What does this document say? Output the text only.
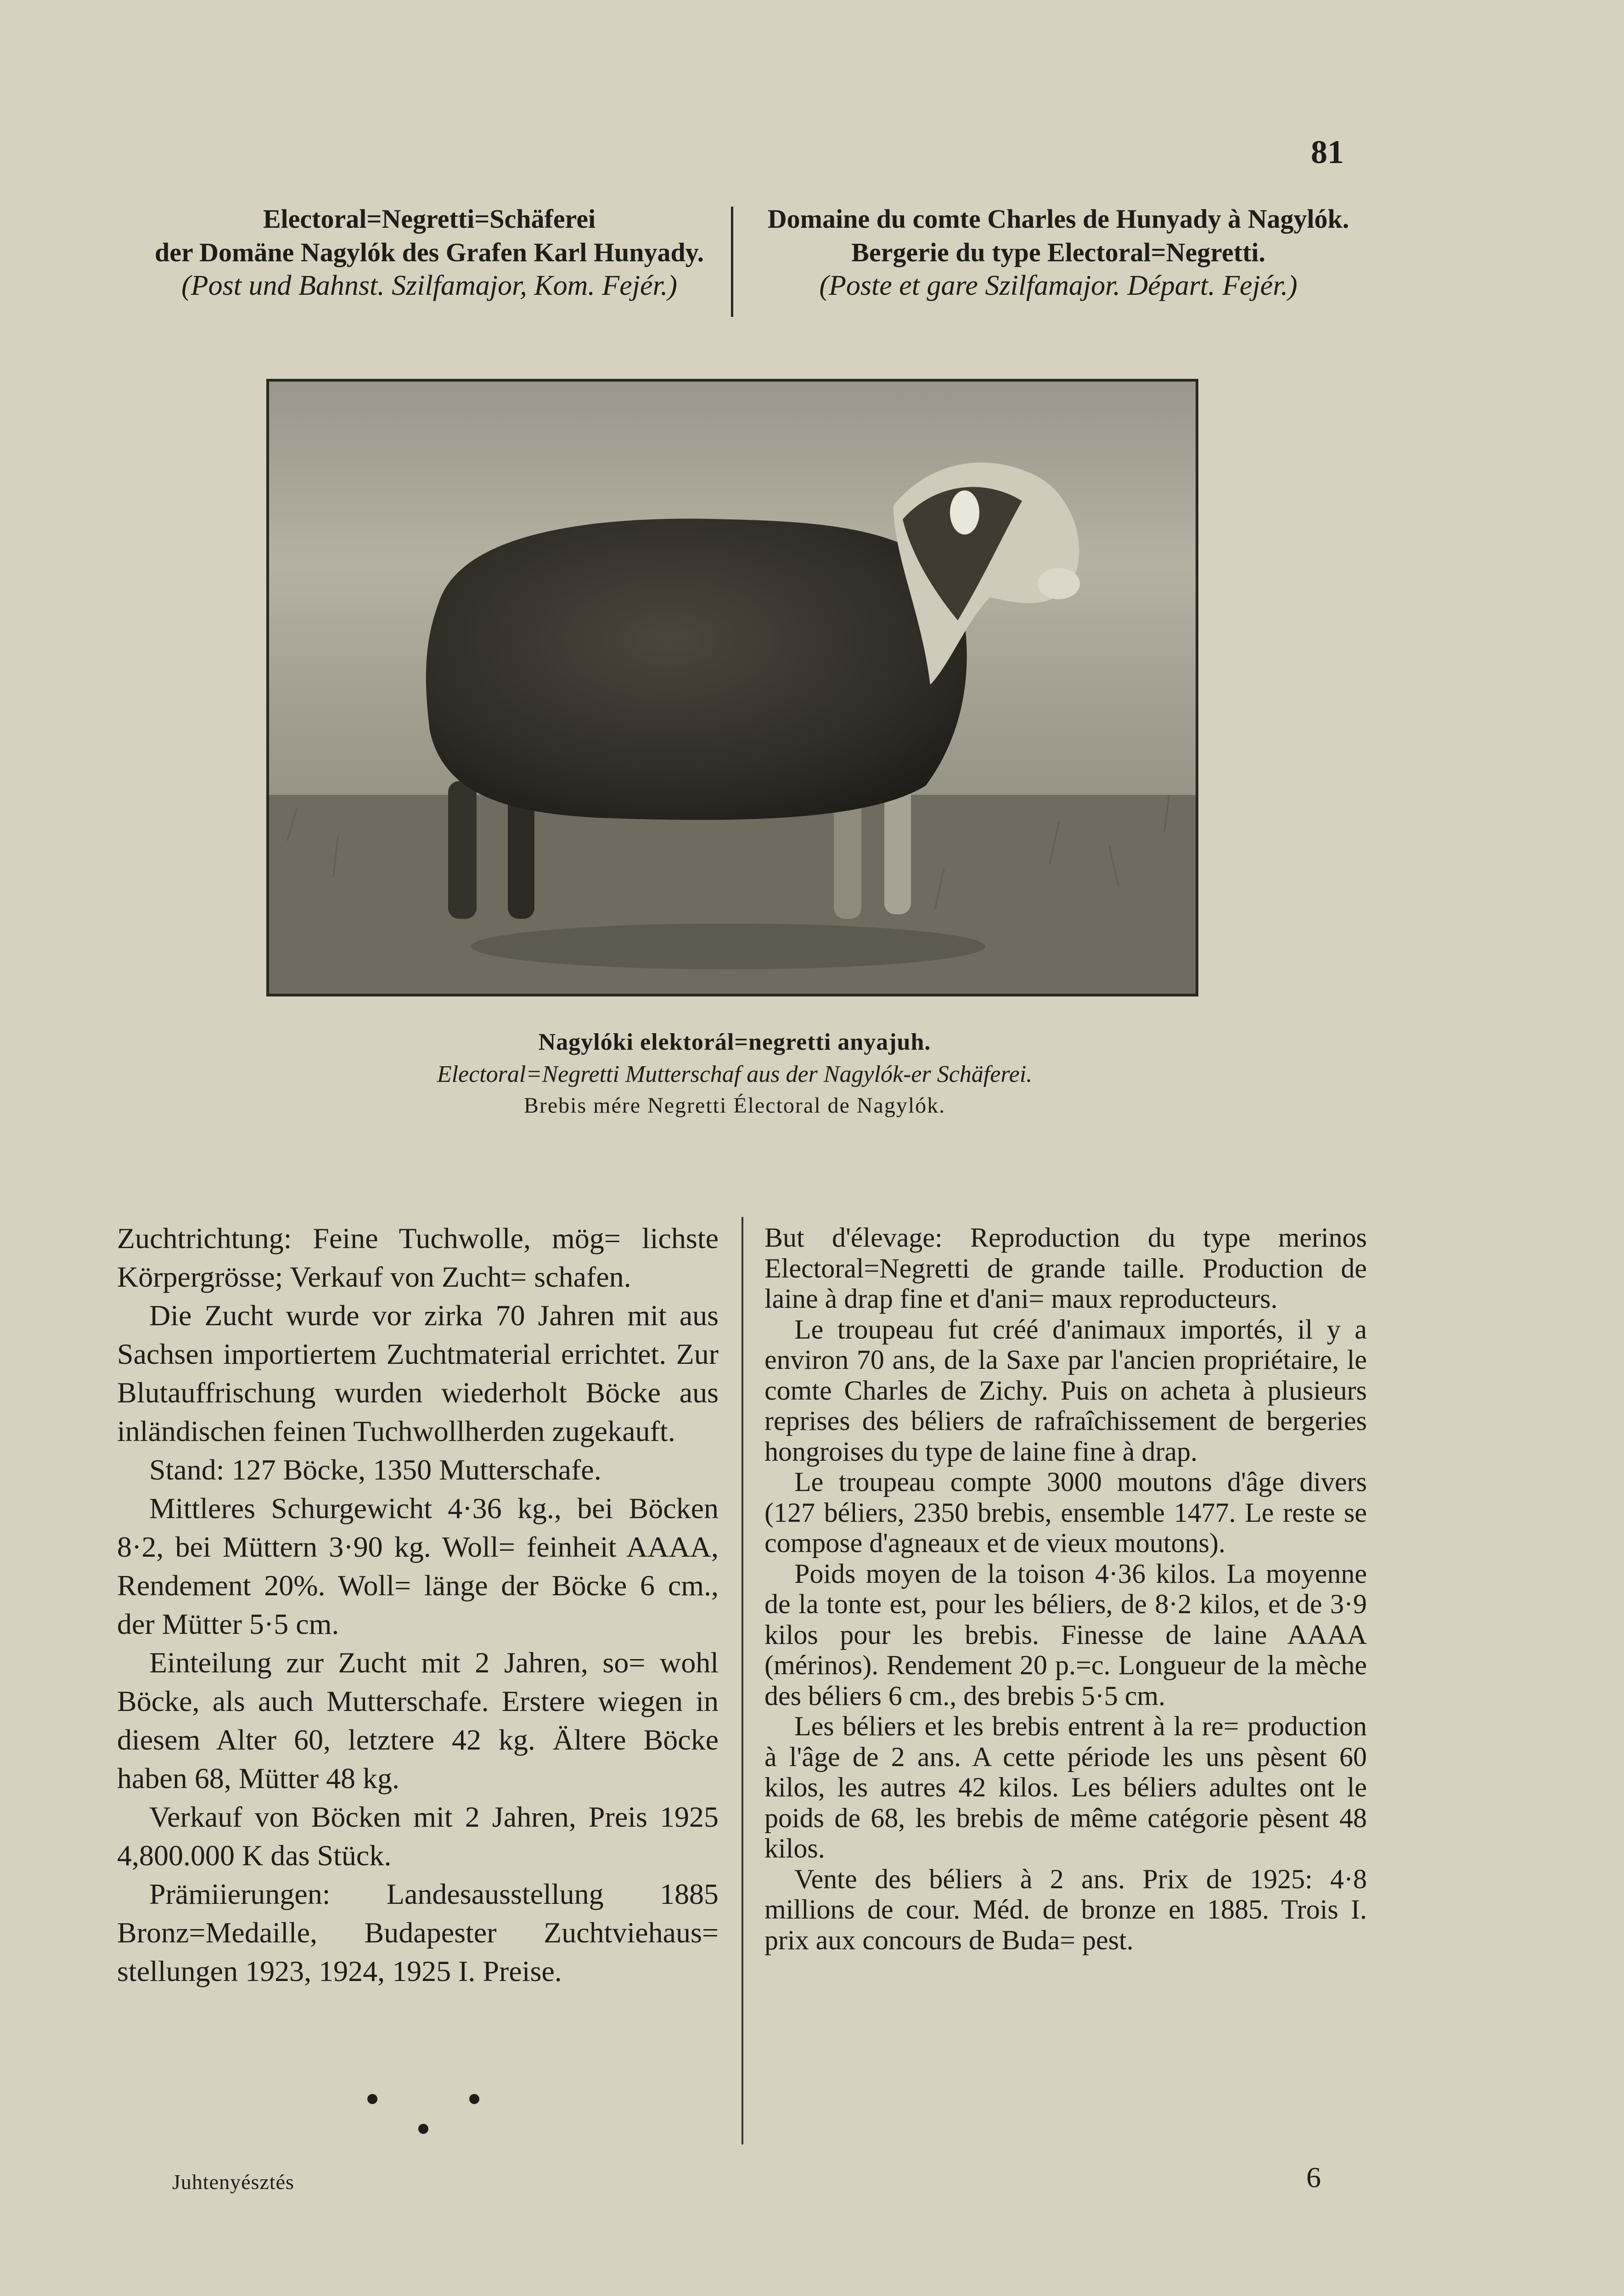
81
Electoral=Negretti=Schäferei
der Domäne Nagylók des Grafen Karl Hunyady.
(Post und Bahnst. Szilfamajor, Kom. Fejér.)
Domaine du comte Charles de Hunyady à Nagylók.
Bergerie du type Electoral=Negretti.
(Poste et gare Szilfamajor. Départ. Fejér.)
Nagylóki elektorál=negretti anyajuh.
Electoral=Negretti Mutterschaf aus der Nagylók-er Schäferei.
Brebis mére Negretti Électoral de Nagylók.

Zuchtrichtung: Feine Tuchwolle, mög= lichste Körpergrösse; Verkauf von Zucht= schafen.

Die Zucht wurde vor zirka 70 Jahren mit aus Sachsen importiertem Zuchtmaterial errichtet. Zur Blutauffrischung wurden wiederholt Böcke aus inländischen feinen Tuchwollherden zugekauft.

Stand: 127 Böcke, 1350 Mutterschafe.

Mittleres Schurgewicht 4·36 kg., bei Böcken 8·2, bei Müttern 3·90 kg. Woll= feinheit AAAA, Rendement 20%. Woll= länge der Böcke 6 cm., der Mütter 5·5 cm.

Einteilung zur Zucht mit 2 Jahren, so= wohl Böcke, als auch Mutterschafe. Erstere wiegen in diesem Alter 60, letztere 42 kg. Ältere Böcke haben 68, Mütter 48 kg.

Verkauf von Böcken mit 2 Jahren, Preis 1925 4,800.000 K das Stück.

Prämiierungen: Landesausstellung 1885 Bronz=Medaille, Budapester Zuchtviehaus= stellungen 1923, 1924, 1925 I. Preise.

But d'élevage: Reproduction du type merinos Electoral=Negretti de grande taille. Production de laine à drap fine et d'ani= maux reproducteurs.

Le troupeau fut créé d'animaux importés, il y a environ 70 ans, de la Saxe par l'ancien propriétaire, le comte Charles de Zichy. Puis on acheta à plusieurs reprises des béliers de rafraîchissement de bergeries hongroises du type de laine fine à drap.

Le troupeau compte 3000 moutons d'âge divers (127 béliers, 2350 brebis, ensemble 1477. Le reste se compose d'agneaux et de vieux moutons).

Poids moyen de la toison 4·36 kilos. La moyenne de la tonte est, pour les béliers, de 8·2 kilos, et de 3·9 kilos pour les brebis. Finesse de laine AAAA (mérinos). Rendement 20 p.=c. Longueur de la mèche des béliers 6 cm., des brebis 5·5 cm.

Les béliers et les brebis entrent à la re= production à l'âge de 2 ans. A cette période les uns pèsent 60 kilos, les autres 42 kilos. Les béliers adultes ont le poids de 68, les brebis de même catégorie pèsent 48 kilos.

Vente des béliers à 2 ans. Prix de 1925: 4·8 millions de cour. Méd. de bronze en 1885. Trois I. prix aux concours de Buda= pest.

Juhtenyésztés	6
